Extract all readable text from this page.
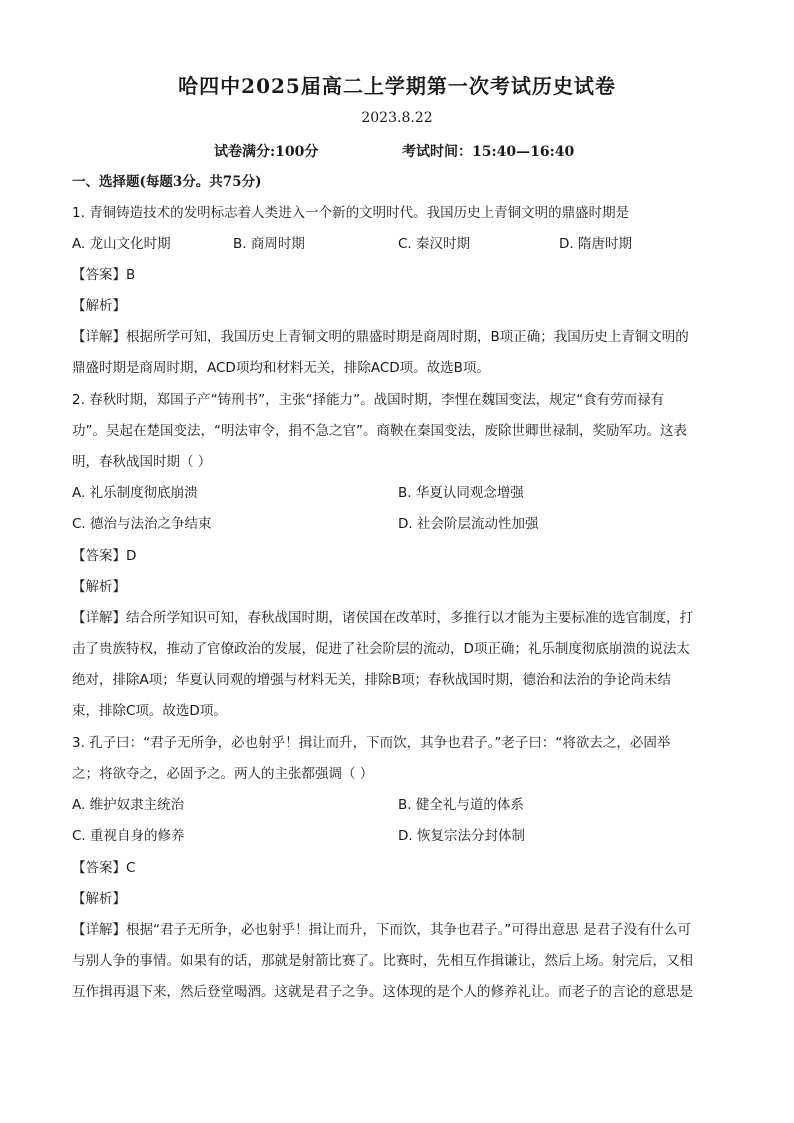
哈四中2025届高二上学期第一次考试历史试卷
2023.8.22
试卷满分:100分	考试时间：15:40—16:40
一、选择题(每题3分。共75分)
1. 青铜铸造技术的发明标志着人类进入一个新的文明时代。我国历史上青铜文明的鼎盛时期是
A. 龙山文化时期	B. 商周时期	C. 秦汉时期	D. 隋唐时期
【答案】B
【解析】
【详解】根据所学可知，我国历史上青铜文明的鼎盛时期是商周时期，B项正确；我国历史上青铜文明的
鼎盛时期是商周时期，ACD项均和材料无关，排除ACD项。故选B项。
2. 春秋时期，郑国子产“铸刑书”，主张“择能力”。战国时期，李悝在魏国变法，规定“食有劳而禄有
功”。吴起在楚国变法，“明法审令，捐不急之官”。商鞅在秦国变法，废除世卿世禄制，奖励军功。这表
明，春秋战国时期（ ）
A. 礼乐制度彻底崩溃	B. 华夏认同观念增强
C. 德治与法治之争结束	D. 社会阶层流动性加强
【答案】D
【解析】
【详解】结合所学知识可知，春秋战国时期，诸侯国在改革时，多推行以才能为主要标准的选官制度，打
击了贵族特权，推动了官僚政治的发展，促进了社会阶层的流动，D项正确；礼乐制度彻底崩溃的说法太
绝对，排除A项；华夏认同观的增强与材料无关，排除B项；春秋战国时期，德治和法治的争论尚未结
束，排除C项。故选D项。
3. 孔子曰：“君子无所争，必也射乎！揖让而升，下而饮，其争也君子。”老子曰：“将欲去之，必固举
之；将欲夺之，必固予之。两人的主张都强调（ ）
A. 维护奴隶主统治	B. 健全礼与道的体系
C. 重视自身的修养	D. 恢复宗法分封体制
【答案】C
【解析】
【详解】根据“君子无所争，必也射乎！揖让而升，下而饮，其争也君子。”可得出意思 是君子没有什么可
与别人争的事情。如果有的话，那就是射箭比赛了。比赛时，先相互作揖谦让，然后上场。射完后，又相
互作揖再退下来，然后登堂喝酒。这就是君子之争。这体现的是个人的修养礼让。而老子的言论的意思是
